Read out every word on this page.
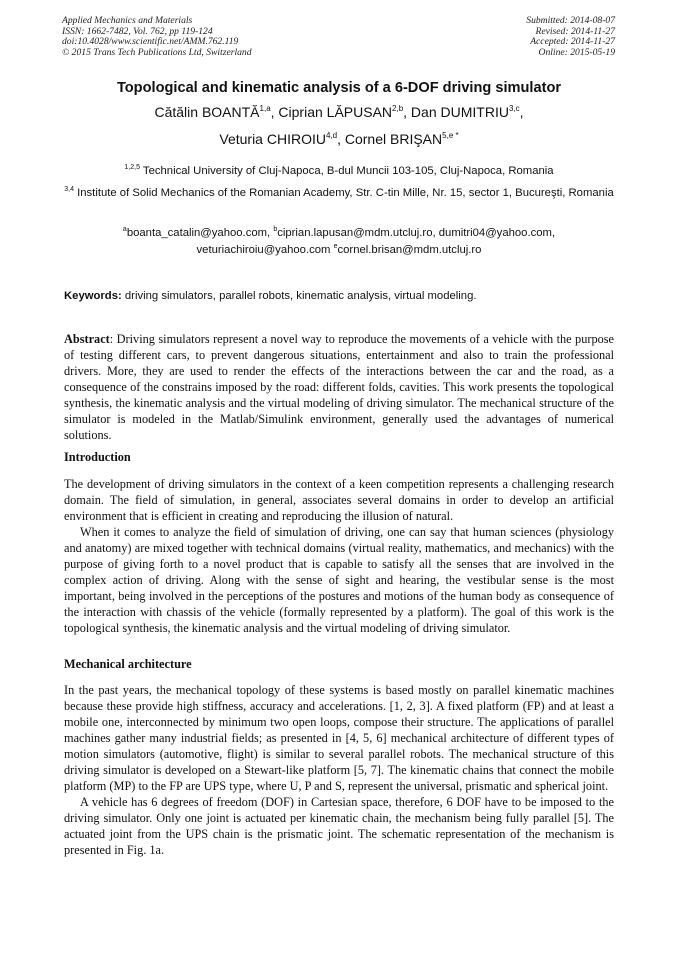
Applied Mechanics and Materials
ISSN: 1662-7482, Vol. 762, pp 119-124
doi:10.4028/www.scientific.net/AMM.762.119
© 2015 Trans Tech Publications Ltd, Switzerland
Submitted: 2014-08-07
Revised: 2014-11-27
Accepted: 2014-11-27
Online: 2015-05-19
Topological and kinematic analysis of a 6-DOF driving simulator
Cătălin BOANTĂ$^{1,a}$, Ciprian LĂPUSAN$^{2,b}$, Dan DUMITRIU$^{3,c}$,
Veturia CHIROIU$^{4,d}$, Cornel $BRIŞAN^{5,e *}$
$^{1,2,5}$ Technical University of Cluj-Napoca, B-dul Muncii 103-105, Cluj-Napoca, Romania
$^{3,4}$ Institute of Solid Mechanics of the Romanian Academy, Str. C-tin Mille, Nr. 15, sector 1, Bucureşti, Romania
$^a$boanta_catalin@yahoo.com, $^b$ciprian.lapusan@mdm.utcluj.ro, dumitri04@yahoo.com,
veturiachiroiu@yahoo.com $^e$cornel.brisan@mdm.utcluj.ro
Keywords: driving simulators, parallel robots, kinematic analysis, virtual modeling.

Abstract: Driving simulators represent a novel way to reproduce the movements of a vehicle with the purpose of testing different cars, to prevent dangerous situations, entertainment and also to train the professional drivers. More, they are used to render the effects of the interactions between the car and the road, as a consequence of the constrains imposed by the road: different folds, cavities. This work presents the topological synthesis, the kinematic analysis and the virtual modeling of driving simulator. The mechanical structure of the simulator is modeled in the Matlab/Simulink environment, generally used the advantages of numerical solutions.

Introduction

The development of driving simulators in the context of a keen competition represents a challenging research domain. The field of simulation, in general, associates several domains in order to develop an artificial environment that is efficient in creating and reproducing the illusion of natural.

When it comes to analyze the field of simulation of driving, one can say that human sciences (physiology and anatomy) are mixed together with technical domains (virtual reality, mathematics, and mechanics) with the purpose of giving forth to a novel product that is capable to satisfy all the senses that are involved in the complex action of driving. Along with the sense of sight and hearing, the vestibular sense is the most important, being involved in the perceptions of the postures and motions of the human body as consequence of the interaction with chassis of the vehicle (formally represented by a platform). The goal of this work is the topological synthesis, the kinematic analysis and the virtual modeling of driving simulator.

Mechanical architecture

In the past years, the mechanical topology of these systems is based mostly on parallel kinematic machines because these provide high stiffness, accuracy and accelerations. [1, 2, 3]. A fixed platform (FP) and at least a mobile one, interconnected by minimum two open loops, compose their structure. The applications of parallel machines gather many industrial fields; as presented in [4, 5, 6] mechanical architecture of different types of motion simulators (automotive, flight) is similar to several parallel robots. The mechanical structure of this driving simulator is developed on a Stewart-like platform [5, 7]. The kinematic chains that connect the mobile platform (MP) to the FP are UPS type, where U, P and S, represent the universal, prismatic and spherical joint.

A vehicle has 6 degrees of freedom (DOF) in Cartesian space, therefore, 6 DOF have to be imposed to the driving simulator. Only one joint is actuated per kinematic chain, the mechanism being fully parallel [5]. The actuated joint from the UPS chain is the prismatic joint. The schematic representation of the mechanism is presented in Fig. 1a.
